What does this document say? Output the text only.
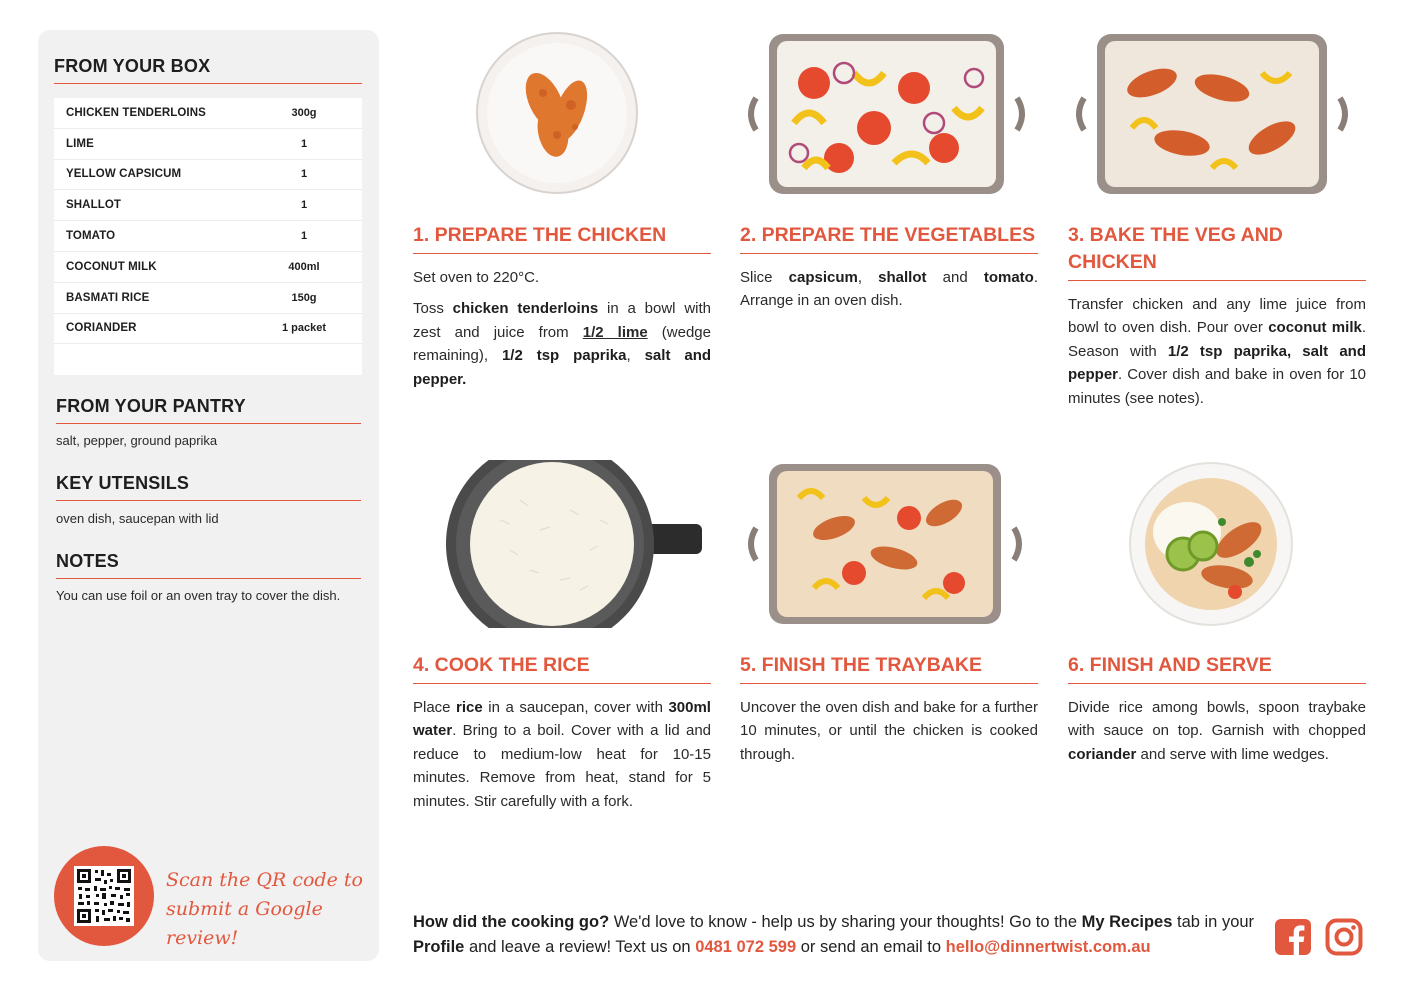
FROM YOUR BOX
CHICKEN TENDERLOINS	300g
LIME	1
YELLOW CAPSICUM	1
SHALLOT	1
TOMATO	1
COCONUT MILK	400ml
BASMATI RICE	150g
CORIANDER	1 packet
FROM YOUR PANTRY
salt, pepper, ground paprika
KEY UTENSILS
oven dish, saucepan with lid
NOTES
You can use foil or an oven tray to cover the dish.
Scan the QR code to
submit a Google review!
1. PREPARE THE CHICKEN

Set oven to 220°C.

Toss chicken tenderloins in a bowl with zest and juice from 1/2 lime (wedge remaining), 1/2 tsp paprika, salt and pepper.

2. PREPARE THE VEGETABLES

Slice capsicum, shallot and tomato. Arrange in an oven dish.

3. BAKE THE VEG AND CHICKEN

Transfer chicken and any lime juice from bowl to oven dish. Pour over coconut milk. Season with 1/2 tsp paprika, salt and pepper. Cover dish and bake in oven for 10 minutes (see notes).

4. COOK THE RICE

Place rice in a saucepan, cover with 300ml water. Bring to a boil. Cover with a lid and reduce to medium-low heat for 10-15 minutes. Remove from heat, stand for 5 minutes. Stir carefully with a fork.

5. FINISH THE TRAYBAKE

Uncover the oven dish and bake for a further 10 minutes, or until the chicken is cooked through.

6. FINISH AND SERVE

Divide rice among bowls, spoon traybake with sauce on top. Garnish with chopped coriander and serve with lime wedges.

How did the cooking go? We'd love to know - help us by sharing your thoughts! Go to the My Recipes tab in your Profile and leave a review! Text us on 0481 072 599 or send an email to hello@dinnertwist.com.au
